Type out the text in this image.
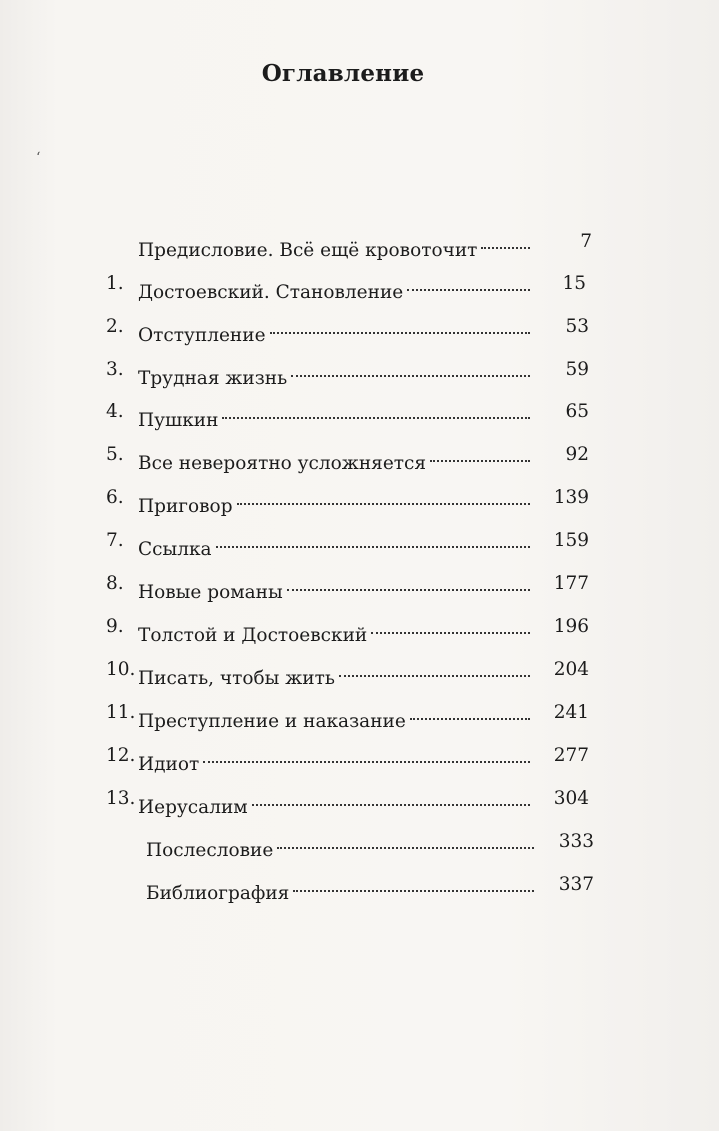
‘
Оглавление
Предисловие. Всё ещё кровоточит	7
1. Достоевский. Становление	15
2. Отступление	53
3. Трудная жизнь	59
4. Пушкин	65
5. Все невероятно усложняется	92
6. Приговор	139
7. Ссылка	159
8. Новые романы	177
9. Толстой и Достоевский	196
10. Писать, чтобы жить	204
11. Преступление и наказание	241
12. Идиот	277
13. Иерусалим	304
Послесловие	333
Библиография	337
